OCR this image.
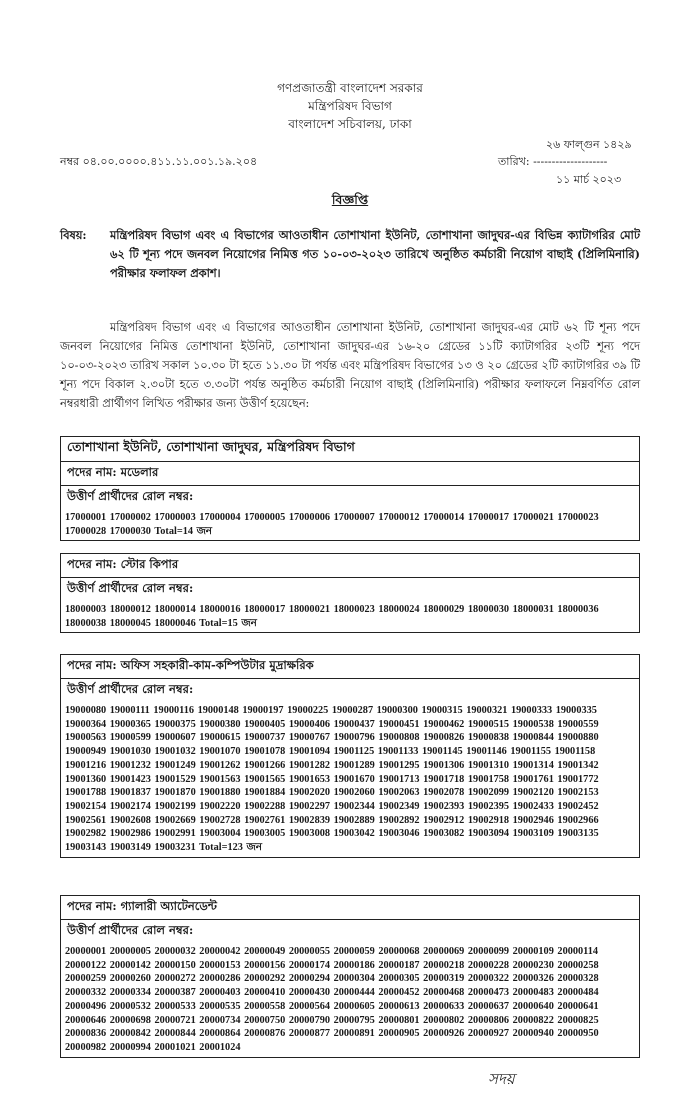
গণপ্রজাতন্ত্রী বাংলাদেশ সরকার
মন্ত্রিপরিষদ বিভাগ
বাংলাদেশ সচিবালয়, ঢাকা
২৬ ফাল্গুন ১৪২৯
নম্বর ০৪.০০.০০০০.৪১১.১১.০০১.১৯.২০৪	তারিখ: --------------------
১১ মার্চ ২০২৩
বিজ্ঞপ্তি
বিষয়:	মন্ত্রিপরিষদ বিভাগ এবং এ বিভাগের আওতাধীন তোশাখানা ইউনিট, তোশাখানা জাদুঘর-এর বিভিন্ন ক্যাটাগরির মোট ৬২ টি শূন্য পদে জনবল নিয়োগের নিমিত্ত গত ১০-০৩-২০২৩ তারিখে অনুষ্ঠিত কর্মচারী নিয়োগ বাছাই (প্রিলিমিনারি) পরীক্ষার ফলাফল প্রকাশ।
মন্ত্রিপরিষদ বিভাগ এবং এ বিভাগের আওতাধীন তোশাখানা ইউনিট, তোশাখানা জাদুঘর-এর মোট ৬২ টি শূন্য পদে জনবল নিয়োগের নিমিত্ত তোশাখানা ইউনিট, তোশাখানা জাদুঘর-এর ১৬-২০ গ্রেডের ১১টি ক্যাটাগরির ২৩টি শূন্য পদে ১০-০৩-২০২৩ তারিখ সকাল ১০.৩০ টা হতে ১১.৩০ টা পর্যন্ত এবং মন্ত্রিপরিষদ বিভাগের ১৩ ও ২০ গ্রেডের ২টি ক্যাটাগরির ৩৯ টি শূন্য পদে বিকাল ২.৩০টা হতে ৩.৩০টা পর্যন্ত অনুষ্ঠিত কর্মচারী নিয়োগ বাছাই (প্রিলিমিনারি) পরীক্ষার ফলাফলে নিম্নবর্ণিত রোল নম্বরধারী প্রার্থীগণ লিখিত পরীক্ষার জন্য উত্তীর্ণ হয়েছেন:
তোশাখানা ইউনিট, তোশাখানা জাদুঘর, মন্ত্রিপরিষদ বিভাগ
পদের নাম: মডেলার
উত্তীর্ণ প্রার্থীদের রোল নম্বর:
17000001 17000002 17000003 17000004 17000005 17000006 17000007 17000012 17000014 17000017 17000021 17000023 17000028 17000030 Total=14 জন
পদের নাম: স্টোর কিপার
উত্তীর্ণ প্রার্থীদের রোল নম্বর:
18000003 18000012 18000014 18000016 18000017 18000021 18000023 18000024 18000029 18000030 18000031 18000036 18000038 18000045 18000046 Total=15 জন
পদের নাম: অফিস সহকারী-কাম-কম্পিউটার মুদ্রাক্ষরিক
উত্তীর্ণ প্রার্থীদের রোল নম্বর:
19000080 19000111 19000116 19000148 19000197 19000225 19000287 19000300 19000315 19000321 19000333 19000335 19000364 19000365 19000375 19000380 19000405 19000406 19000437 19000451 19000462 19000515 19000538 19000559 19000563 19000599 19000607 19000615 19000737 19000767 19000796 19000808 19000826 19000838 19000844 19000880 19000949 19001030 19001032 19001070 19001078 19001094 19001125 19001133 19001145 19001146 19001155 19001158 19001216 19001232 19001249 19001262 19001266 19001282 19001289 19001295 19001306 19001310 19001314 19001342 19001360 19001423 19001529 19001563 19001565 19001653 19001670 19001713 19001718 19001758 19001761 19001772 19001788 19001837 19001870 19001880 19001884 19002020 19002060 19002063 19002078 19002099 19002120 19002153 19002154 19002174 19002199 19002220 19002288 19002297 19002344 19002349 19002393 19002395 19002433 19002452 19002561 19002608 19002669 19002728 19002761 19002839 19002889 19002892 19002912 19002918 19002946 19002966 19002982 19002986 19002991 19003004 19003005 19003008 19003042 19003046 19003082 19003094 19003109 19003135 19003143 19003149 19003231 Total=123 জন
পদের নাম: গ্যালারী অ্যাটেনডেন্ট
উত্তীর্ণ প্রার্থীদের রোল নম্বর:
20000001 20000005 20000032 20000042 20000049 20000055 20000059 20000068 20000069 20000099 20000109 20000114 20000122 20000142 20000150 20000153 20000156 20000174 20000186 20000187 20000218 20000228 20000230 20000258 20000259 20000260 20000272 20000286 20000292 20000294 20000304 20000305 20000319 20000322 20000326 20000328 20000332 20000334 20000387 20000403 20000410 20000430 20000444 20000452 20000468 20000473 20000483 20000484 20000496 20000532 20000533 20000535 20000558 20000564 20000605 20000613 20000633 20000637 20000640 20000641 20000646 20000698 20000721 20000734 20000750 20000790 20000795 20000801 20000802 20000806 20000822 20000825 20000836 20000842 20000844 20000864 20000876 20000877 20000891 20000905 20000926 20000927 20000940 20000950 20000982 20000994 20001021 20001024
সদয়
